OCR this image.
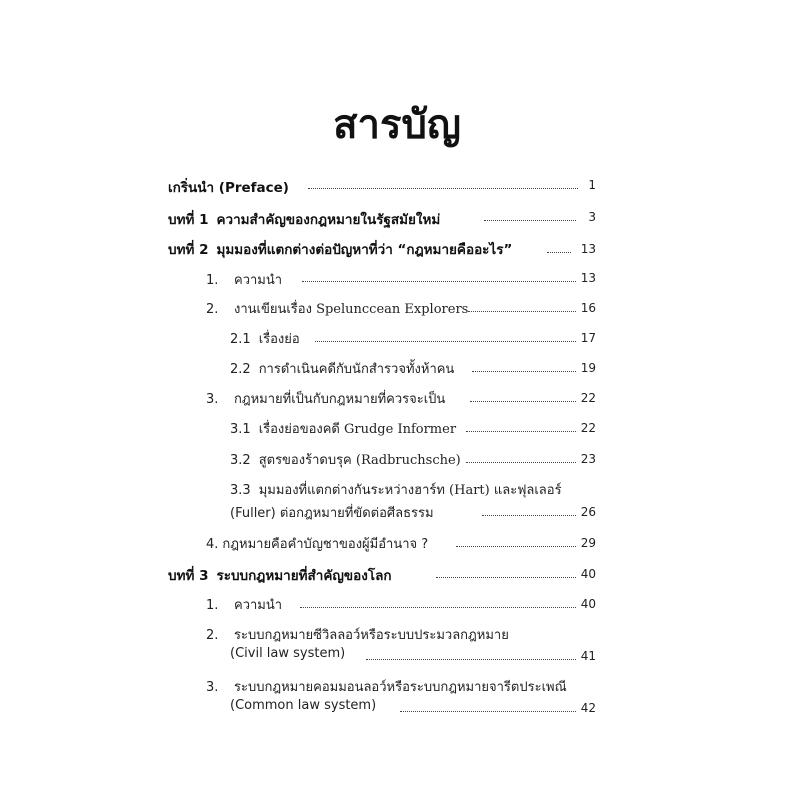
สารบัญ
เกริ่นนำ (Preface)	1
บทที่ 1 ความสำคัญของกฎหมายในรัฐสมัยใหม่	3
บทที่ 2 มุมมองที่แตกต่างต่อปัญหาที่ว่า “กฎหมายคืออะไร”	13
1. ความนำ	13
2. งานเขียนเรื่อง Spelunccean Explorers	16
2.1 เรื่องย่อ	17
2.2 การดำเนินคดีกับนักสำรวจทั้งห้าคน	19
3. กฎหมายที่เป็นกับกฎหมายที่ควรจะเป็น	22
3.1 เรื่องย่อของคดี Grudge Informer	22
3.2 สูตรของร้าดบรุค (Radbruchsche)	23
3.3 มุมมองที่แตกต่างกันระหว่างฮาร์ท (Hart) และฟุลเลอร์
(Fuller) ต่อกฎหมายที่ขัดต่อศีลธรรม	26
4. กฎหมายคือคำบัญชาของผู้มีอำนาจ ?	29
บทที่ 3 ระบบกฎหมายที่สำคัญของโลก	40
1. ความนำ	40
2. ระบบกฎหมายซีวิลลอว์หรือระบบประมวลกฎหมาย
(Civil law system)	41
3. ระบบกฎหมายคอมมอนลอว์หรือระบบกฎหมายจารีตประเพณี
(Common law system)	42
